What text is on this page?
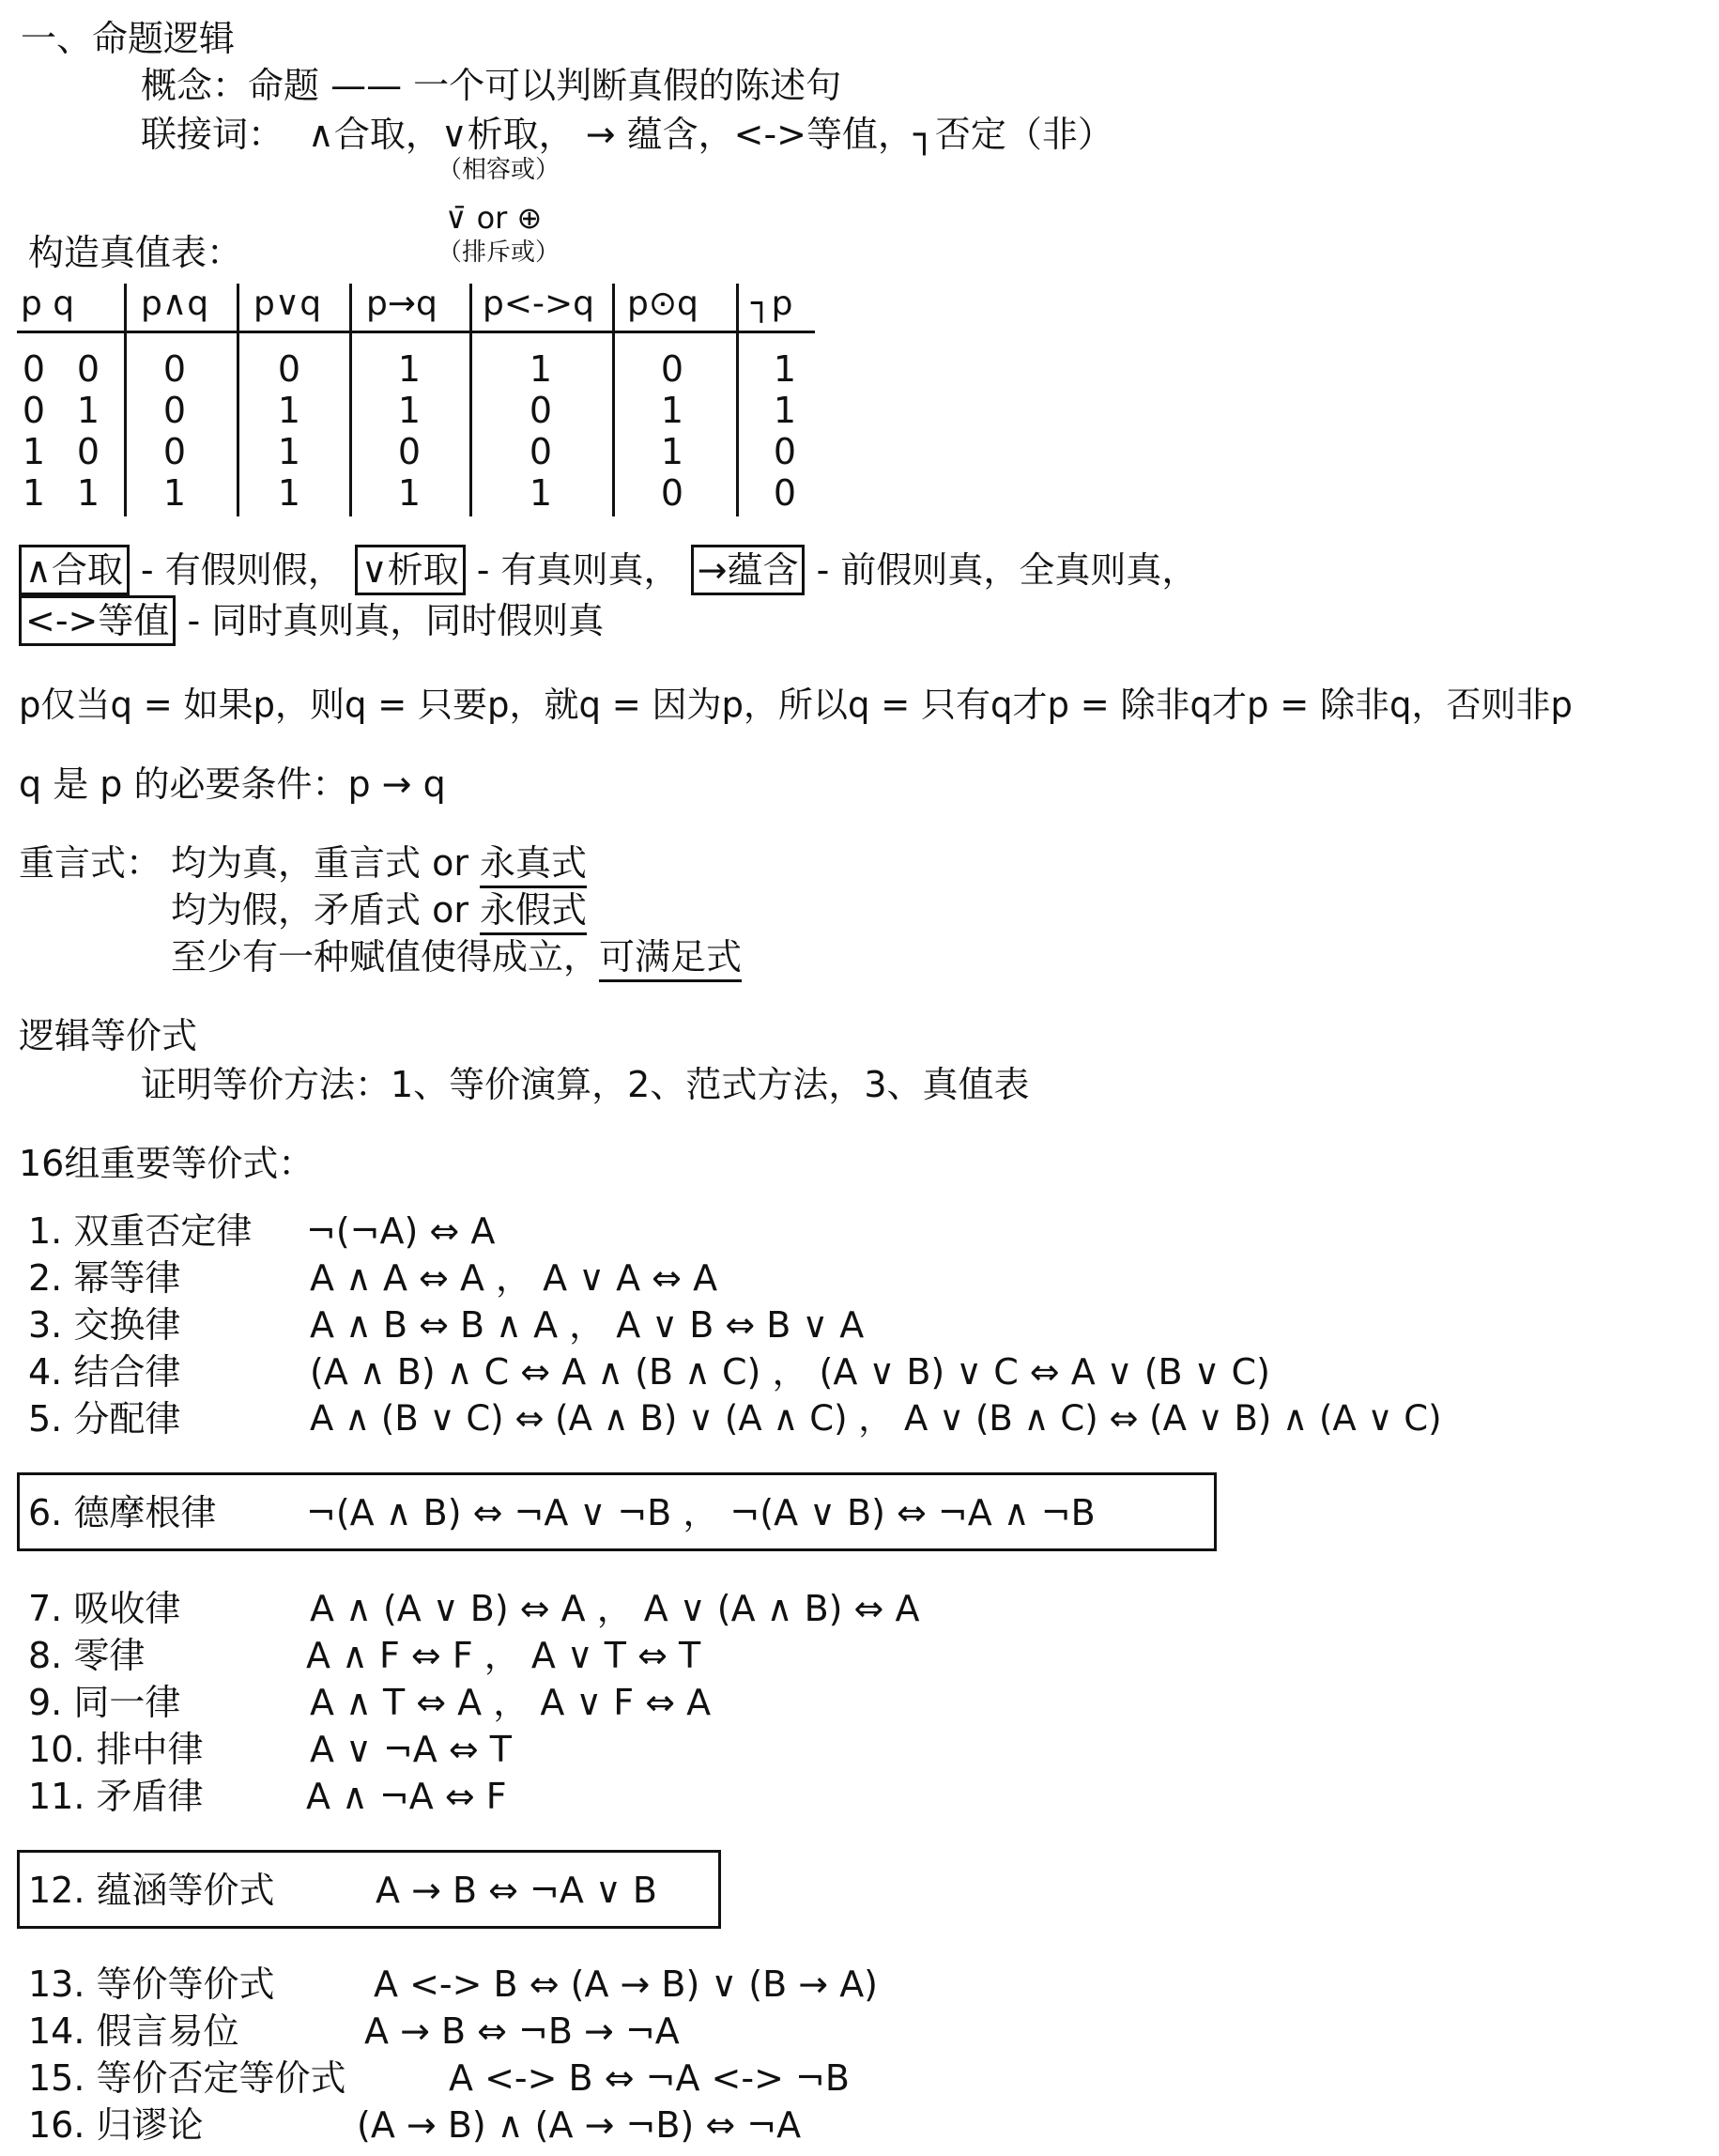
一、命题逻辑
概念：命题 —— 一个可以判断真假的陈述句
联接词： ∧合取，∨析取， → 蕴含，<->等值，┐否定（非）
（相容或）
∨̄ or ⊕
（排斥或）
构造真值表：
p q p∧q p∨q p→q p<->q p⊙q ┐p
0 0	0	0	1	1	0	1
0 1	0	1	1	0	1	1
1 0	0	1	0	0	1	0
1 1	1	1	1	1	0	0
∧合取 - 有假则假， ∨析取 - 有真则真， →蕴含 - 前假则真，全真则真，
<->等值 - 同时真则真，同时假则真
p仅当q = 如果p，则q = 只要p，就q = 因为p，所以q = 只有q才p = 除非q才p = 除非q，否则非p
q 是 p 的必要条件：p → q
重言式： 均为真，重言式 or 永真式
均为假，矛盾式 or 永假式
至少有一种赋值使得成立，可满足式
逻辑等价式
证明等价方法：1、等价演算，2、范式方法，3、真值表
16组重要等价式：
1. 双重否定律 ¬(¬A) ⇔ A
2. 幂等律	A ∧ A ⇔ A ， A ∨ A ⇔ A
3. 交换律	A ∧ B ⇔ B ∧ A ， A ∨ B ⇔ B ∨ A
4. 结合律	(A ∧ B) ∧ C ⇔ A ∧ (B ∧ C) ， (A ∨ B) ∨ C ⇔ A ∨ (B ∨ C)
5. 分配律	A ∧ (B ∨ C) ⇔ (A ∧ B) ∨ (A ∧ C) ， A ∨ (B ∧ C) ⇔ (A ∨ B) ∧ (A ∨ C)
6. 德摩根律	¬(A ∧ B) ⇔ ¬A ∨ ¬B ， ¬(A ∨ B) ⇔ ¬A ∧ ¬B
7. 吸收律	A ∧ (A ∨ B) ⇔ A ， A ∨ (A ∧ B) ⇔ A
8. 零律	A ∧ F ⇔ F ， A ∨ T ⇔ T
9. 同一律	A ∧ T ⇔ A ， A ∨ F ⇔ A
10. 排中律	A ∨ ¬A ⇔ T
11. 矛盾律	A ∧ ¬A ⇔ F
12. 蕴涵等价式	A → B ⇔ ¬A ∨ B
13. 等价等价式	A <-> B ⇔ (A → B) ∨ (B → A)
14. 假言易位	A → B ⇔ ¬B → ¬A
15. 等价否定等价式	A <-> B ⇔ ¬A <-> ¬B
16. 归谬论	(A → B) ∧ (A → ¬B) ⇔ ¬A
